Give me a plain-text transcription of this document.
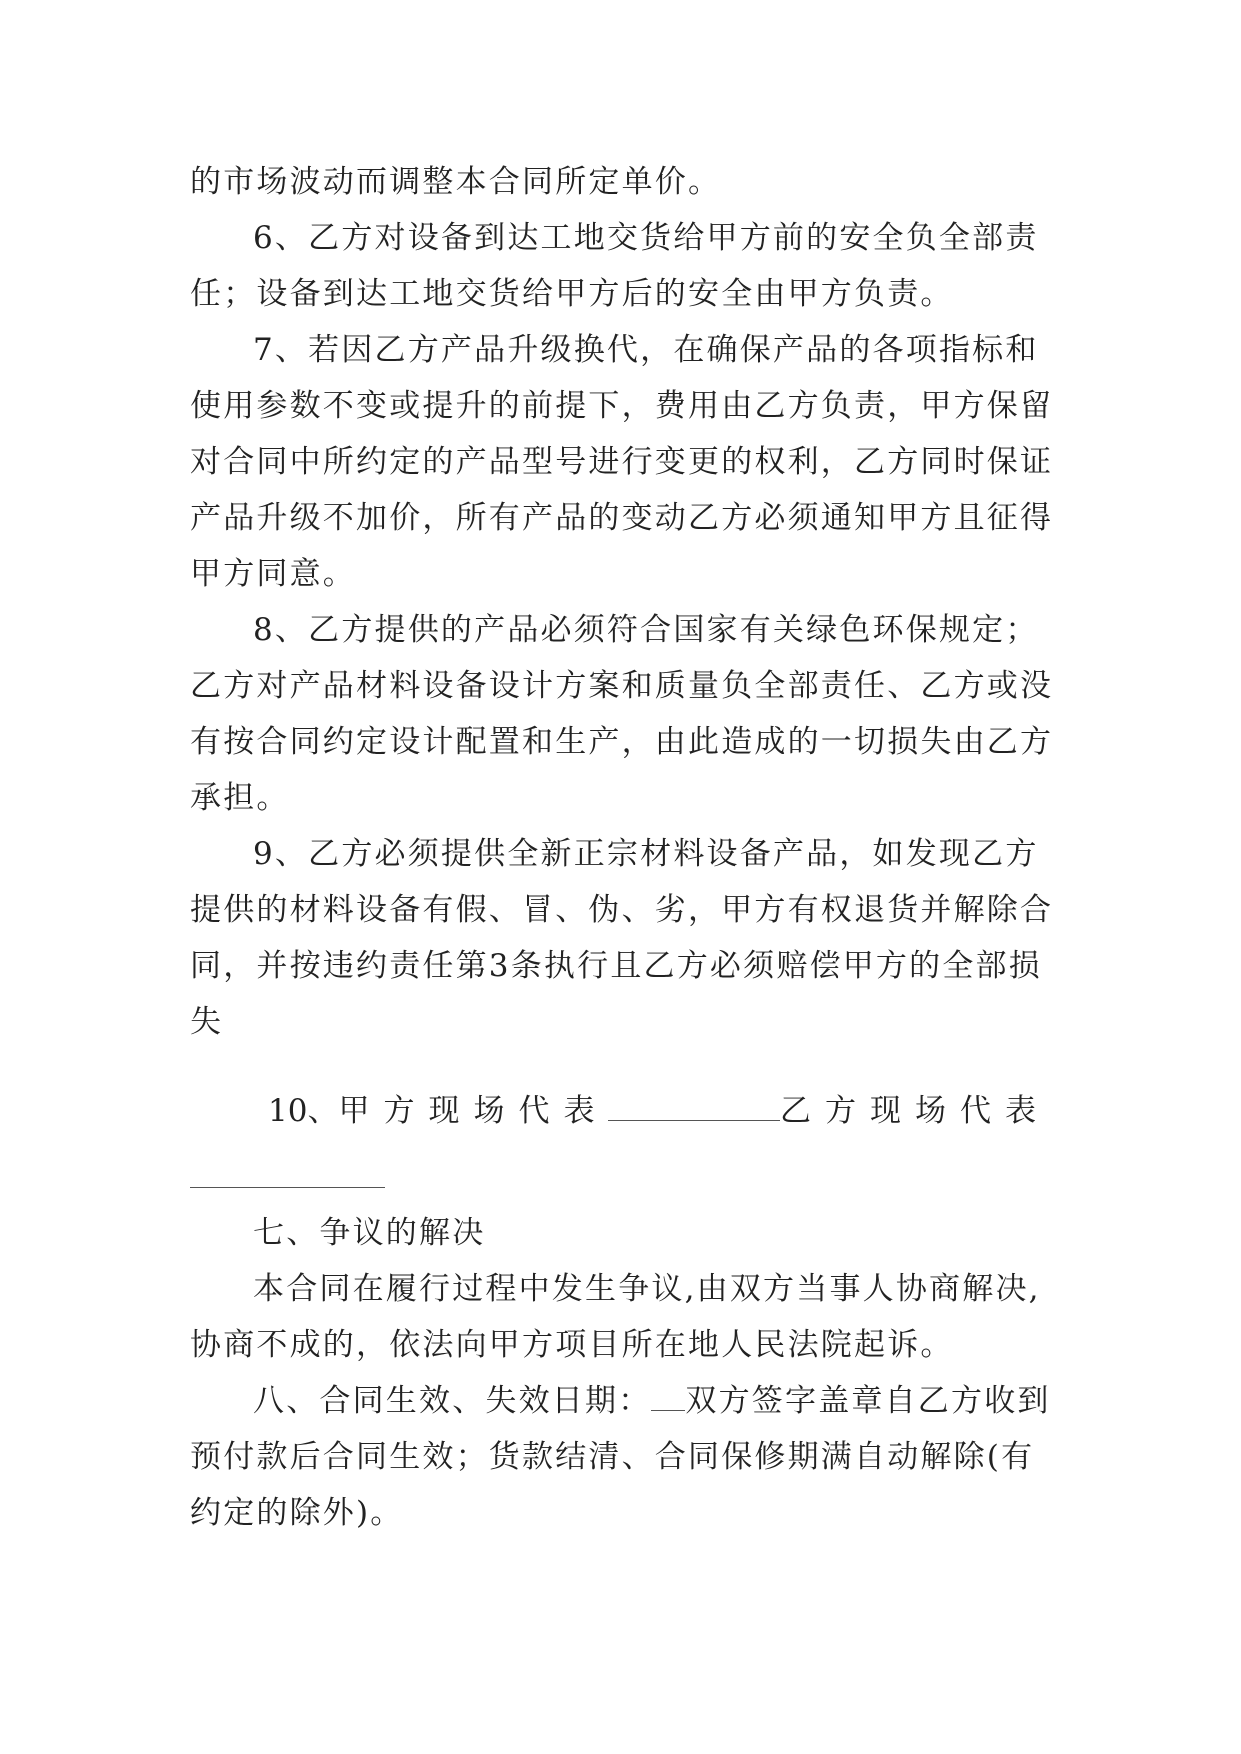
的市场波动而调整本合同所定单价。
6、乙方对设备到达工地交货给甲方前的安全负全部责
任；设备到达工地交货给甲方后的安全由甲方负责。
7、若因乙方产品升级换代，在确保产品的各项指标和
使用参数不变或提升的前提下，费用由乙方负责，甲方保留
对合同中所约定的产品型号进行变更的权利，乙方同时保证
产品升级不加价，所有产品的变动乙方必须通知甲方且征得
甲方同意。
8、乙方提供的产品必须符合国家有关绿色环保规定；
乙方对产品材料设备设计方案和质量负全部责任、乙方或没
有按合同约定设计配置和生产，由此造成的一切损失由乙方
承担。
9、乙方必须提供全新正宗材料设备产品，如发现乙方
提供的材料设备有假、冒、伪、劣，甲方有权退货并解除合
同，并按违约责任第3条执行且乙方必须赔偿甲方的全部损
失
10 、 甲方现场代表	乙方现场代表
七、争议的解决
本合同在履行过程中发生争议,由双方当事人协商解决,
协商不成的，依法向甲方项目所在地人民法院起诉。
八、合同生效、失效日期： 双方签字盖章自乙方收到
预付款后合同生效；货款结清、合同保修期满自动解除(有
约定的除外)。
